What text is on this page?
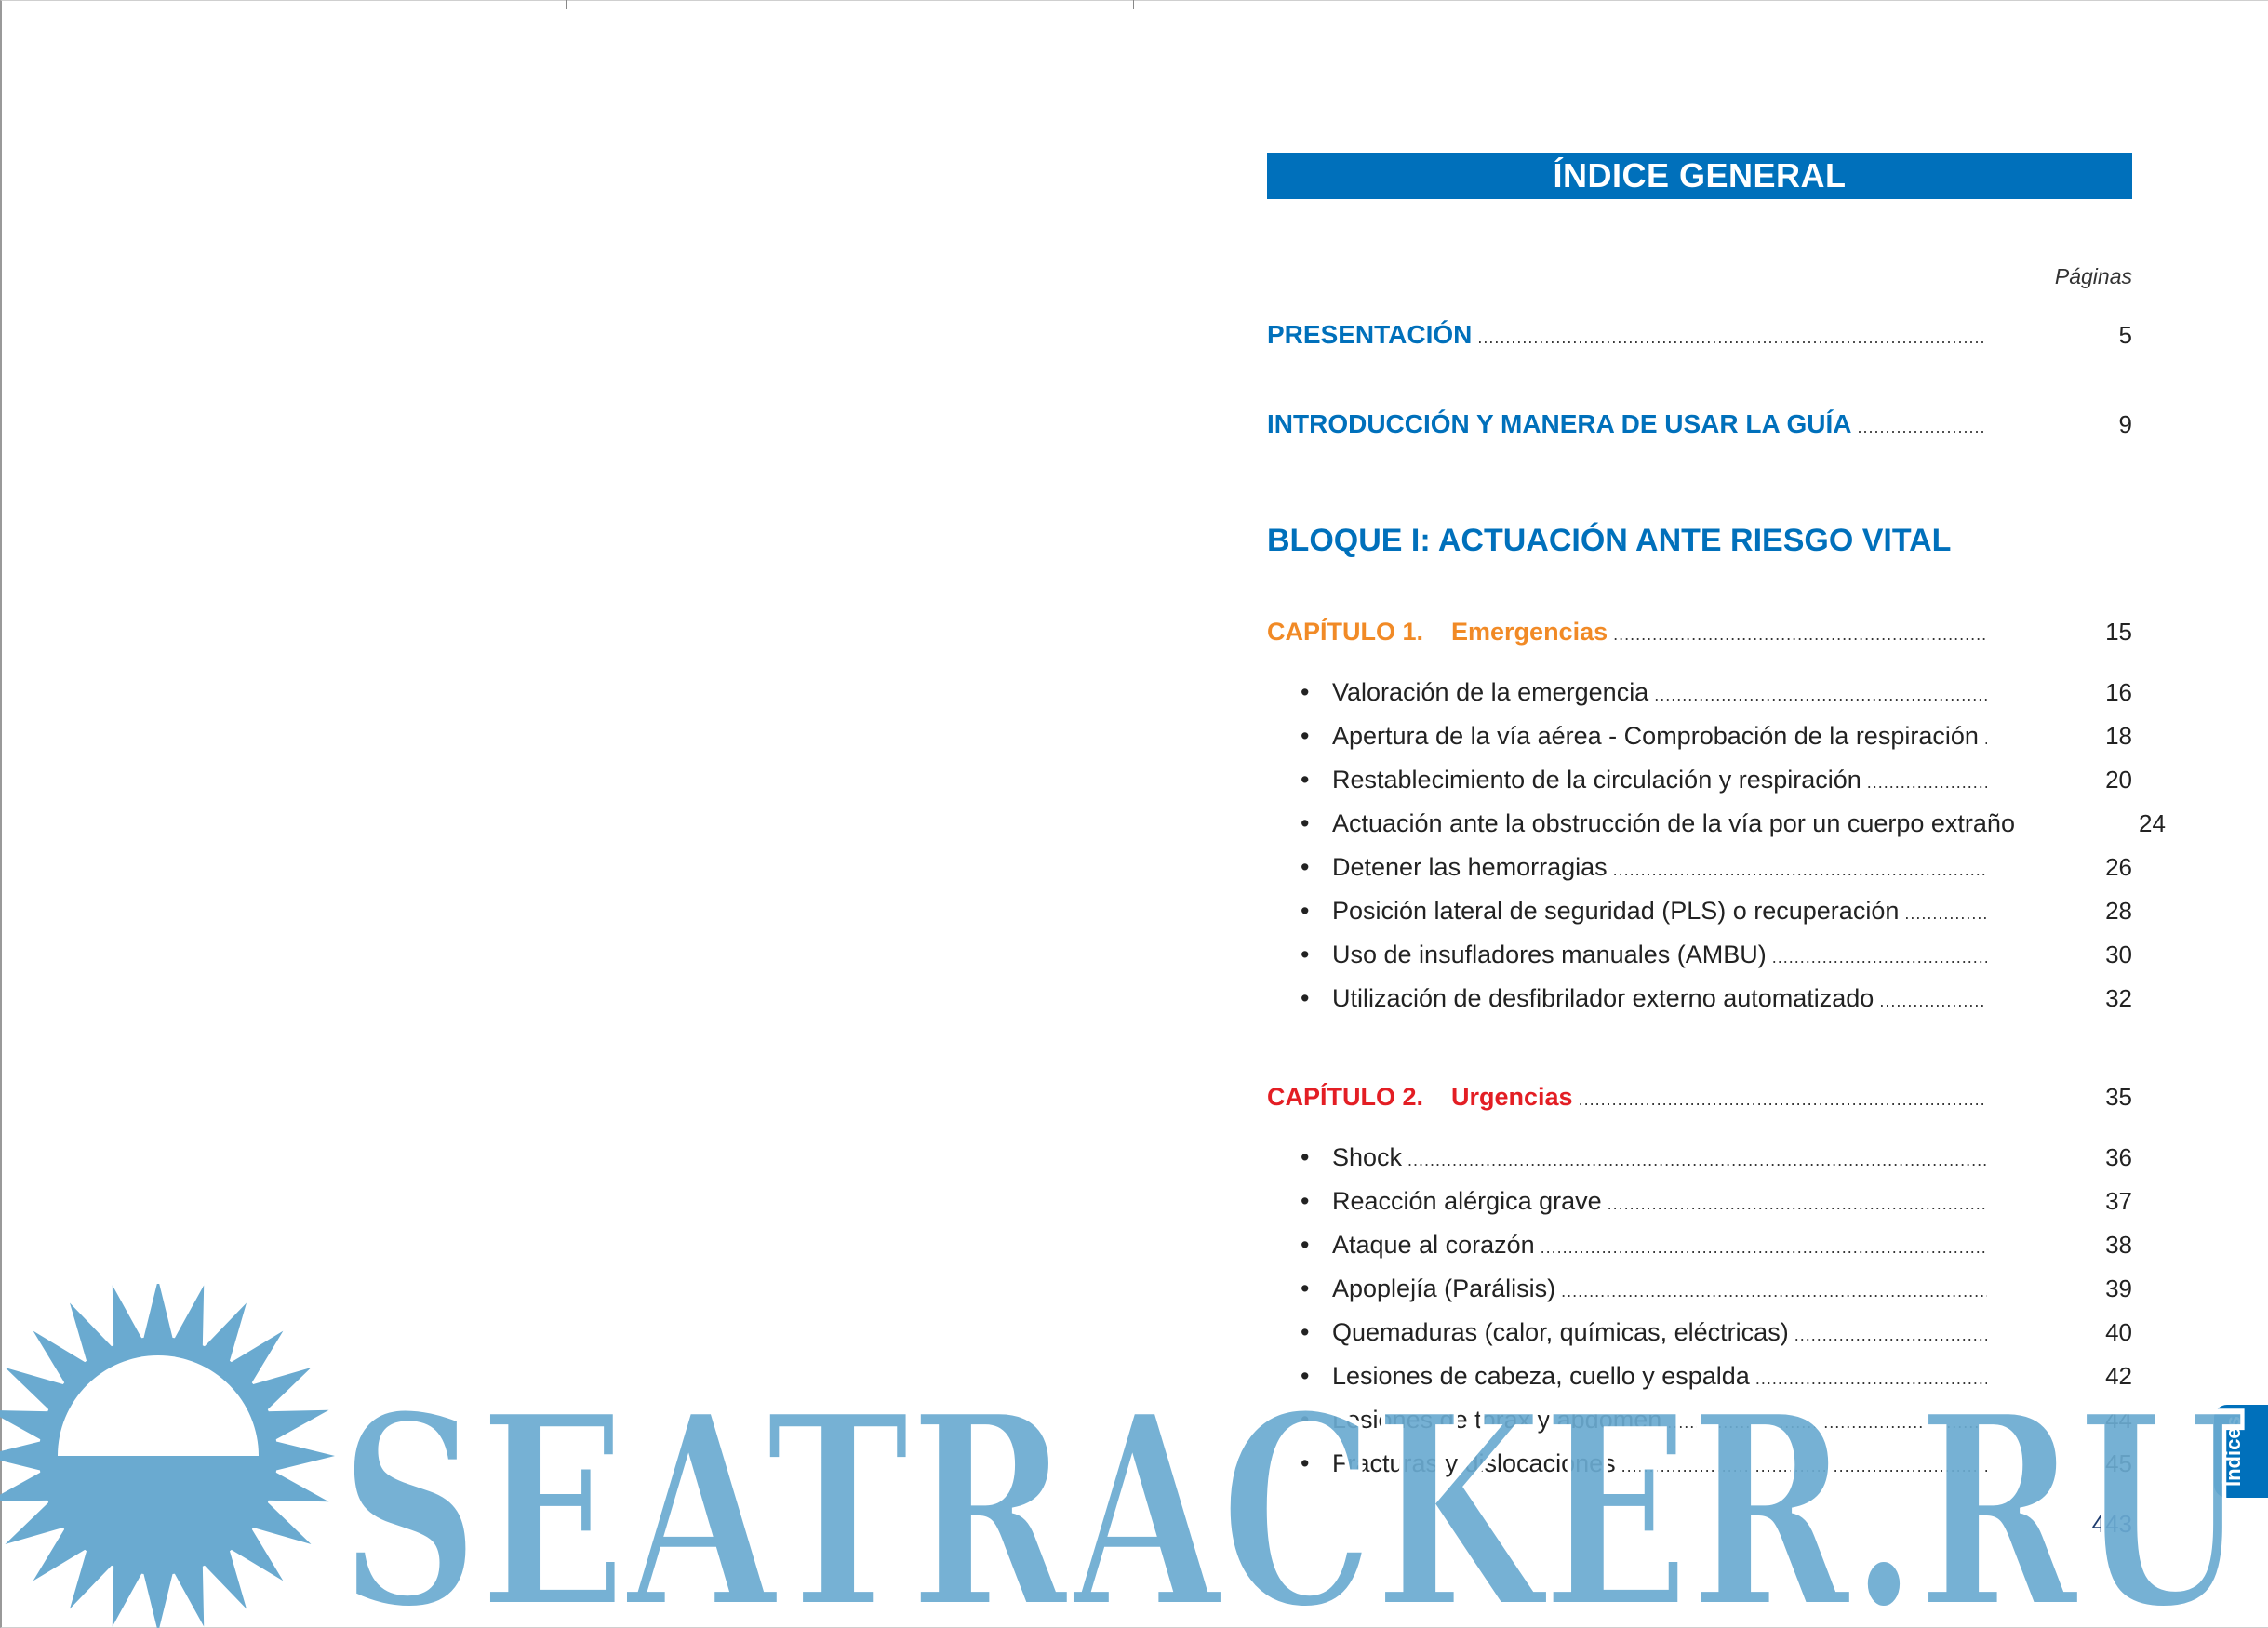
ÍNDICE GENERAL
Páginas
PRESENTACIÓN .....	5
INTRODUCCIÓN Y MANERA DE USAR LA GUÍA .....	9
BLOQUE I: ACTUACIÓN ANTE RIESGO VITAL
CAPÍTULO 1. Emergencias .....	15
• Valoración de la emergencia .....	16
• Apertura de la vía aérea - Comprobación de la respiración .....	18
• Restablecimiento de la circulación y respiración .....	20
• Actuación ante la obstrucción de la vía por un cuerpo extraño	24
• Detener las hemorragias .....	26
• Posición lateral de seguridad (PLS) o recuperación .....	28
• Uso de insufladores manuales (AMBU) .....	30
• Utilización de desfibrilador externo automatizado .....	32
CAPÍTULO 2. Urgencias .....	35
• Shock .....	36
• Reacción alérgica grave .....	37
• Ataque al corazón .....	38
• Apoplejía (Parálisis) .....	39
• Quemaduras (calor, químicas, eléctricas) .....	40
• Lesiones de cabeza, cuello y espalda .....	42
• Lesiones de tórax y abdomen .....	44
• Fracturas y dislocaciones .....	45
443
Índices
SEATRACKER.RU
